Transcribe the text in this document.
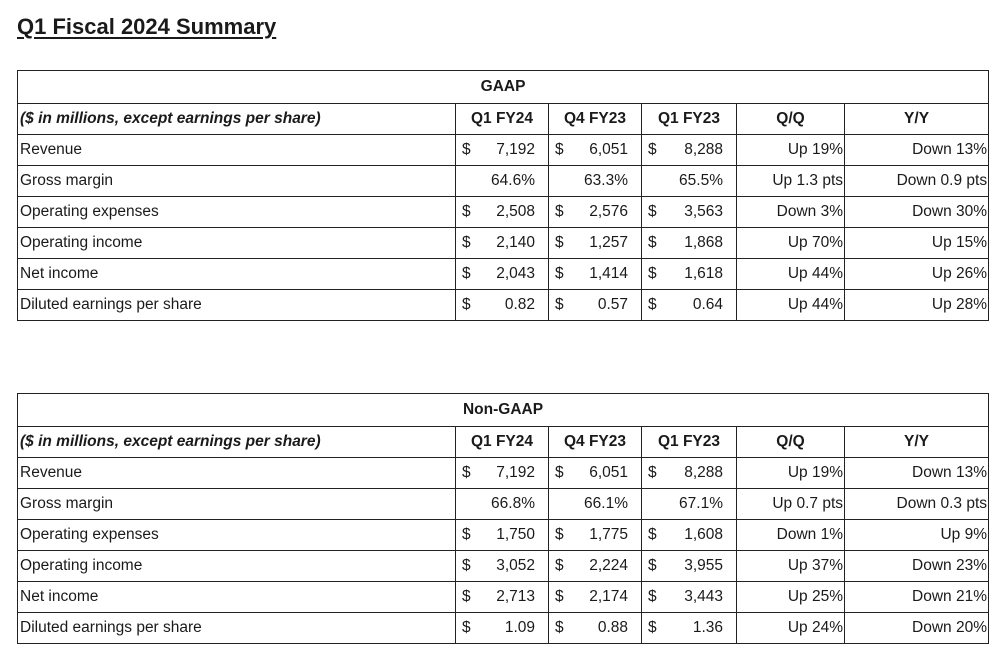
Q1 Fiscal 2024 Summary
GAAP					
($ in millions, except earnings per share)	Q1 FY24	Q4 FY23	Q1 FY23	Q/Q	Y/Y
Revenue	$ 7,192	$ 6,051	$ 8,288	Up 19%	Down 13%
Gross margin	64.6%	63.3%	65.5%	Up 1.3 pts	Down 0.9 pts
Operating expenses	$ 2,508	$ 2,576	$ 3,563	Down 3%	Down 30%
Operating income	$ 2,140	$ 1,257	$ 1,868	Up 70%	Up 15%
Net income	$ 2,043	$ 1,414	$ 1,618	Up 44%	Up 26%
Diluted earnings per share	$ 0.82	$ 0.57	$ 0.64	Up 44%	Up 28%
Non-GAAP					
($ in millions, except earnings per share)	Q1 FY24	Q4 FY23	Q1 FY23	Q/Q	Y/Y
Revenue	$ 7,192	$ 6,051	$ 8,288	Up 19%	Down 13%
Gross margin	66.8%	66.1%	67.1%	Up 0.7 pts	Down 0.3 pts
Operating expenses	$ 1,750	$ 1,775	$ 1,608	Down 1%	Up 9%
Operating income	$ 3,052	$ 2,224	$ 3,955	Up 37%	Down 23%
Net income	$ 2,713	$ 2,174	$ 3,443	Up 25%	Down 21%
Diluted earnings per share	$ 1.09	$ 0.88	$ 1.36	Up 24%	Down 20%
